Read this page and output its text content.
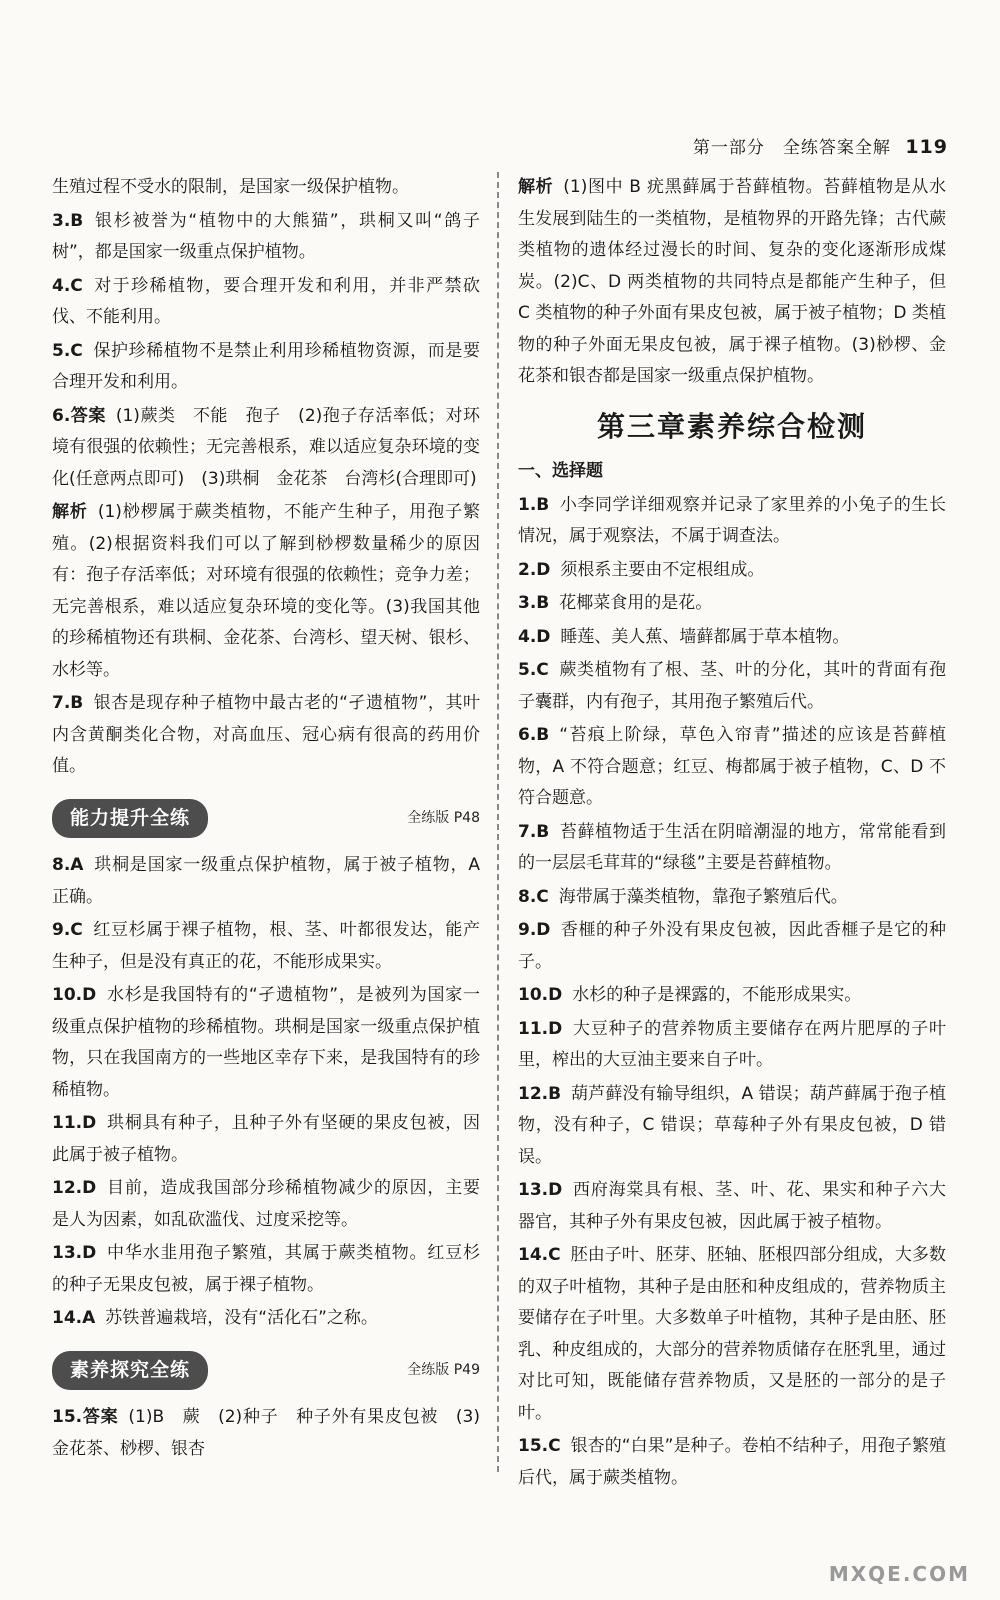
第一部分　全练答案全解 119
生殖过程不受水的限制，是国家一级保护植物。
3.B 银杉被誉为“植物中的大熊猫”，珙桐又叫“鸽子树”，都是国家一级重点保护植物。
4.C 对于珍稀植物，要合理开发和利用，并非严禁砍伐、不能利用。
5.C 保护珍稀植物不是禁止利用珍稀植物资源，而是要合理开发和利用。
6.答案 (1)蕨类　不能　孢子　(2)孢子存活率低；对环境有很强的依赖性；无完善根系，难以适应复杂环境的变化(任意两点即可)　(3)珙桐　金花茶　台湾杉(合理即可)
解析 (1)桫椤属于蕨类植物，不能产生种子，用孢子繁殖。(2)根据资料我们可以了解到桫椤数量稀少的原因有：孢子存活率低；对环境有很强的依赖性；竞争力差；无完善根系，难以适应复杂环境的变化等。(3)我国其他的珍稀植物还有珙桐、金花茶、台湾杉、望天树、银杉、水杉等。
7.B 银杏是现存种子植物中最古老的“孑遗植物”，其叶内含黄酮类化合物，对高血压、冠心病有很高的药用价值。
能力提升全练	全练版 P48
8.A 珙桐是国家一级重点保护植物，属于被子植物，A 正确。
9.C 红豆杉属于裸子植物，根、茎、叶都很发达，能产生种子，但是没有真正的花，不能形成果实。
10.D 水杉是我国特有的“孑遗植物”，是被列为国家一级重点保护植物的珍稀植物。珙桐是国家一级重点保护植物，只在我国南方的一些地区幸存下来，是我国特有的珍稀植物。
11.D 珙桐具有种子，且种子外有坚硬的果皮包被，因此属于被子植物。
12.D 目前，造成我国部分珍稀植物减少的原因，主要是人为因素，如乱砍滥伐、过度采挖等。
13.D 中华水韭用孢子繁殖，其属于蕨类植物。红豆杉的种子无果皮包被，属于裸子植物。
14.A 苏铁普遍栽培，没有“活化石”之称。
素养探究全练	全练版 P49
15.答案 (1)B　蕨　(2)种子　种子外有果皮包被　(3)金花茶、桫椤、银杏
解析 (1)图中 B 疣黑藓属于苔藓植物。苔藓植物是从水生发展到陆生的一类植物，是植物界的开路先锋；古代蕨类植物的遗体经过漫长的时间、复杂的变化逐渐形成煤炭。(2)C、D 两类植物的共同特点是都能产生种子，但 C 类植物的种子外面有果皮包被，属于被子植物；D 类植物的种子外面无果皮包被，属于裸子植物。(3)桫椤、金花茶和银杏都是国家一级重点保护植物。
第三章素养综合检测
一、选择题
1.B 小李同学详细观察并记录了家里养的小兔子的生长情况，属于观察法，不属于调查法。
2.D 须根系主要由不定根组成。
3.B 花椰菜食用的是花。
4.D 睡莲、美人蕉、墙藓都属于草本植物。
5.C 蕨类植物有了根、茎、叶的分化，其叶的背面有孢子囊群，内有孢子，其用孢子繁殖后代。
6.B “苔痕上阶绿，草色入帘青”描述的应该是苔藓植物，A 不符合题意；红豆、梅都属于被子植物，C、D 不符合题意。
7.B 苔藓植物适于生活在阴暗潮湿的地方，常常能看到的一层层毛茸茸的“绿毯”主要是苔藓植物。
8.C 海带属于藻类植物，靠孢子繁殖后代。
9.D 香榧的种子外没有果皮包被，因此香榧子是它的种子。
10.D 水杉的种子是裸露的，不能形成果实。
11.D 大豆种子的营养物质主要储存在两片肥厚的子叶里，榨出的大豆油主要来自子叶。
12.B 葫芦藓没有输导组织，A 错误；葫芦藓属于孢子植物，没有种子，C 错误；草莓种子外有果皮包被，D 错误。
13.D 西府海棠具有根、茎、叶、花、果实和种子六大器官，其种子外有果皮包被，因此属于被子植物。
14.C 胚由子叶、胚芽、胚轴、胚根四部分组成，大多数的双子叶植物，其种子是由胚和种皮组成的，营养物质主要储存在子叶里。大多数单子叶植物，其种子是由胚、胚乳、种皮组成的，大部分的营养物质储存在胚乳里，通过对比可知，既能储存营养物质，又是胚的一部分的是子叶。
15.C 银杏的“白果”是种子。卷柏不结种子，用孢子繁殖后代，属于蕨类植物。
MXQE.COM
